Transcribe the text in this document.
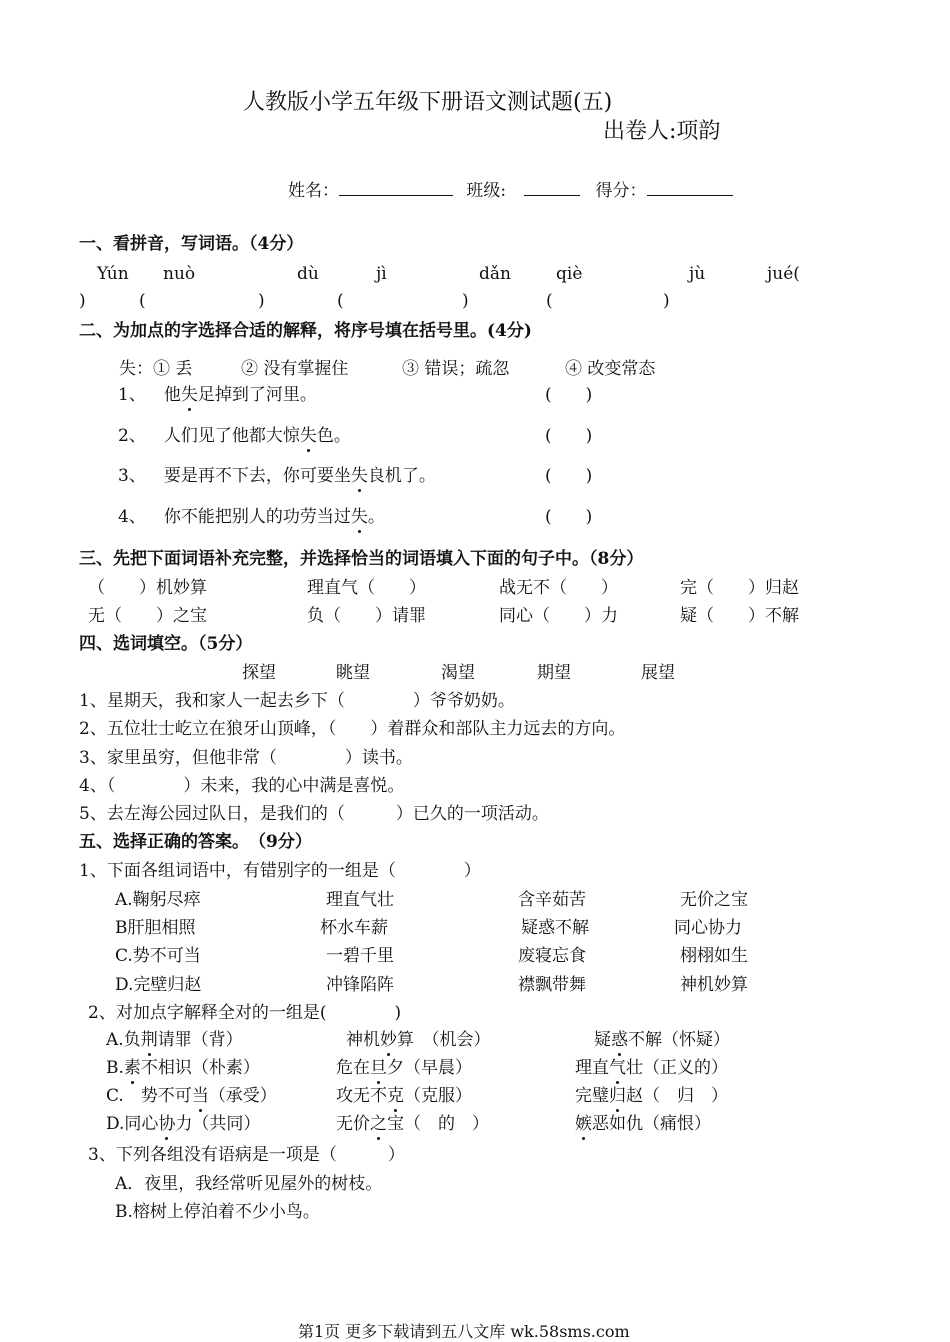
人教版小学五年级下册语文测试题(五)
出卷人:项韵
姓名：	班级:	得分：
一、看拼音，写词语。（4分）
Yún nuò	dù	jì	dǎn	qiè	jù	jué(
)	(	)	(	)	(	)
二、为加点的字选择合适的解释，将序号填在括号里。(4分)
失：① 丢	② 没有掌握住	③ 错误；疏忽	④ 改变常态
1、 他失足掉到了河里。	(　　)
2、 人们见了他都大惊失色。	(　　)
3、 要是再不下去，你可要坐失良机了。	(　　)
4、 你不能把别人的功劳当过失。	(　　)
三、先把下面词语补充完整，并选择恰当的词语填入下面的句子中。（8分）
（　　）机妙算	理直气（　　）	战无不（　　）	完（　　）归赵
无（　　）之宝	负（　　）请罪	同心（　　）力	疑（　　）不解
四、选词填空。（5分）
探望	眺望	渴望	期望	展望
1、星期天，我和家人一起去乡下（　　　　）爷爷奶奶。
2、五位壮士屹立在狼牙山顶峰，（　　）着群众和部队主力远去的方向。
3、家里虽穷，但他非常（　　　　）读书。
4、（　　　　）未来，我的心中满是喜悦。
5、去左海公园过队日，是我们的（　　　）已久的一项活动。
五、选择正确的答案。　（9分）
1、下面各组词语中，有错别字的一组是（　　　　）
A.鞠躬尽瘁	理直气壮	含辛茹苦	无价之宝
B肝胆相照	杯水车薪	疑惑不解	同心协力
C.势不可当	一碧千里	废寝忘食	栩栩如生
D.完壁归赵	冲锋陷阵	襟飘带舞	神机妙算
2、对加点字解释全对的一组是(　　　　)
A.负荆请罪（背）	神机妙算　（机会）	疑惑不解（怀疑）
B.素不相识（朴素）	危在旦夕（早晨）	理直气壮（正义的）
C.　势不可当（承受）	攻无不克（克服）	完璧归赵（　归　）
D.同心协力（共同）	无价之宝（　的　）	嫉恶如仇（痛恨）
3、下列各组没有语病是一项是（　　　）
A．夜里，我经常听见屋外的树枝。
B.榕树上停泊着不少小鸟。
第1页 更多下载请到五八文库 wk.58sms.com
